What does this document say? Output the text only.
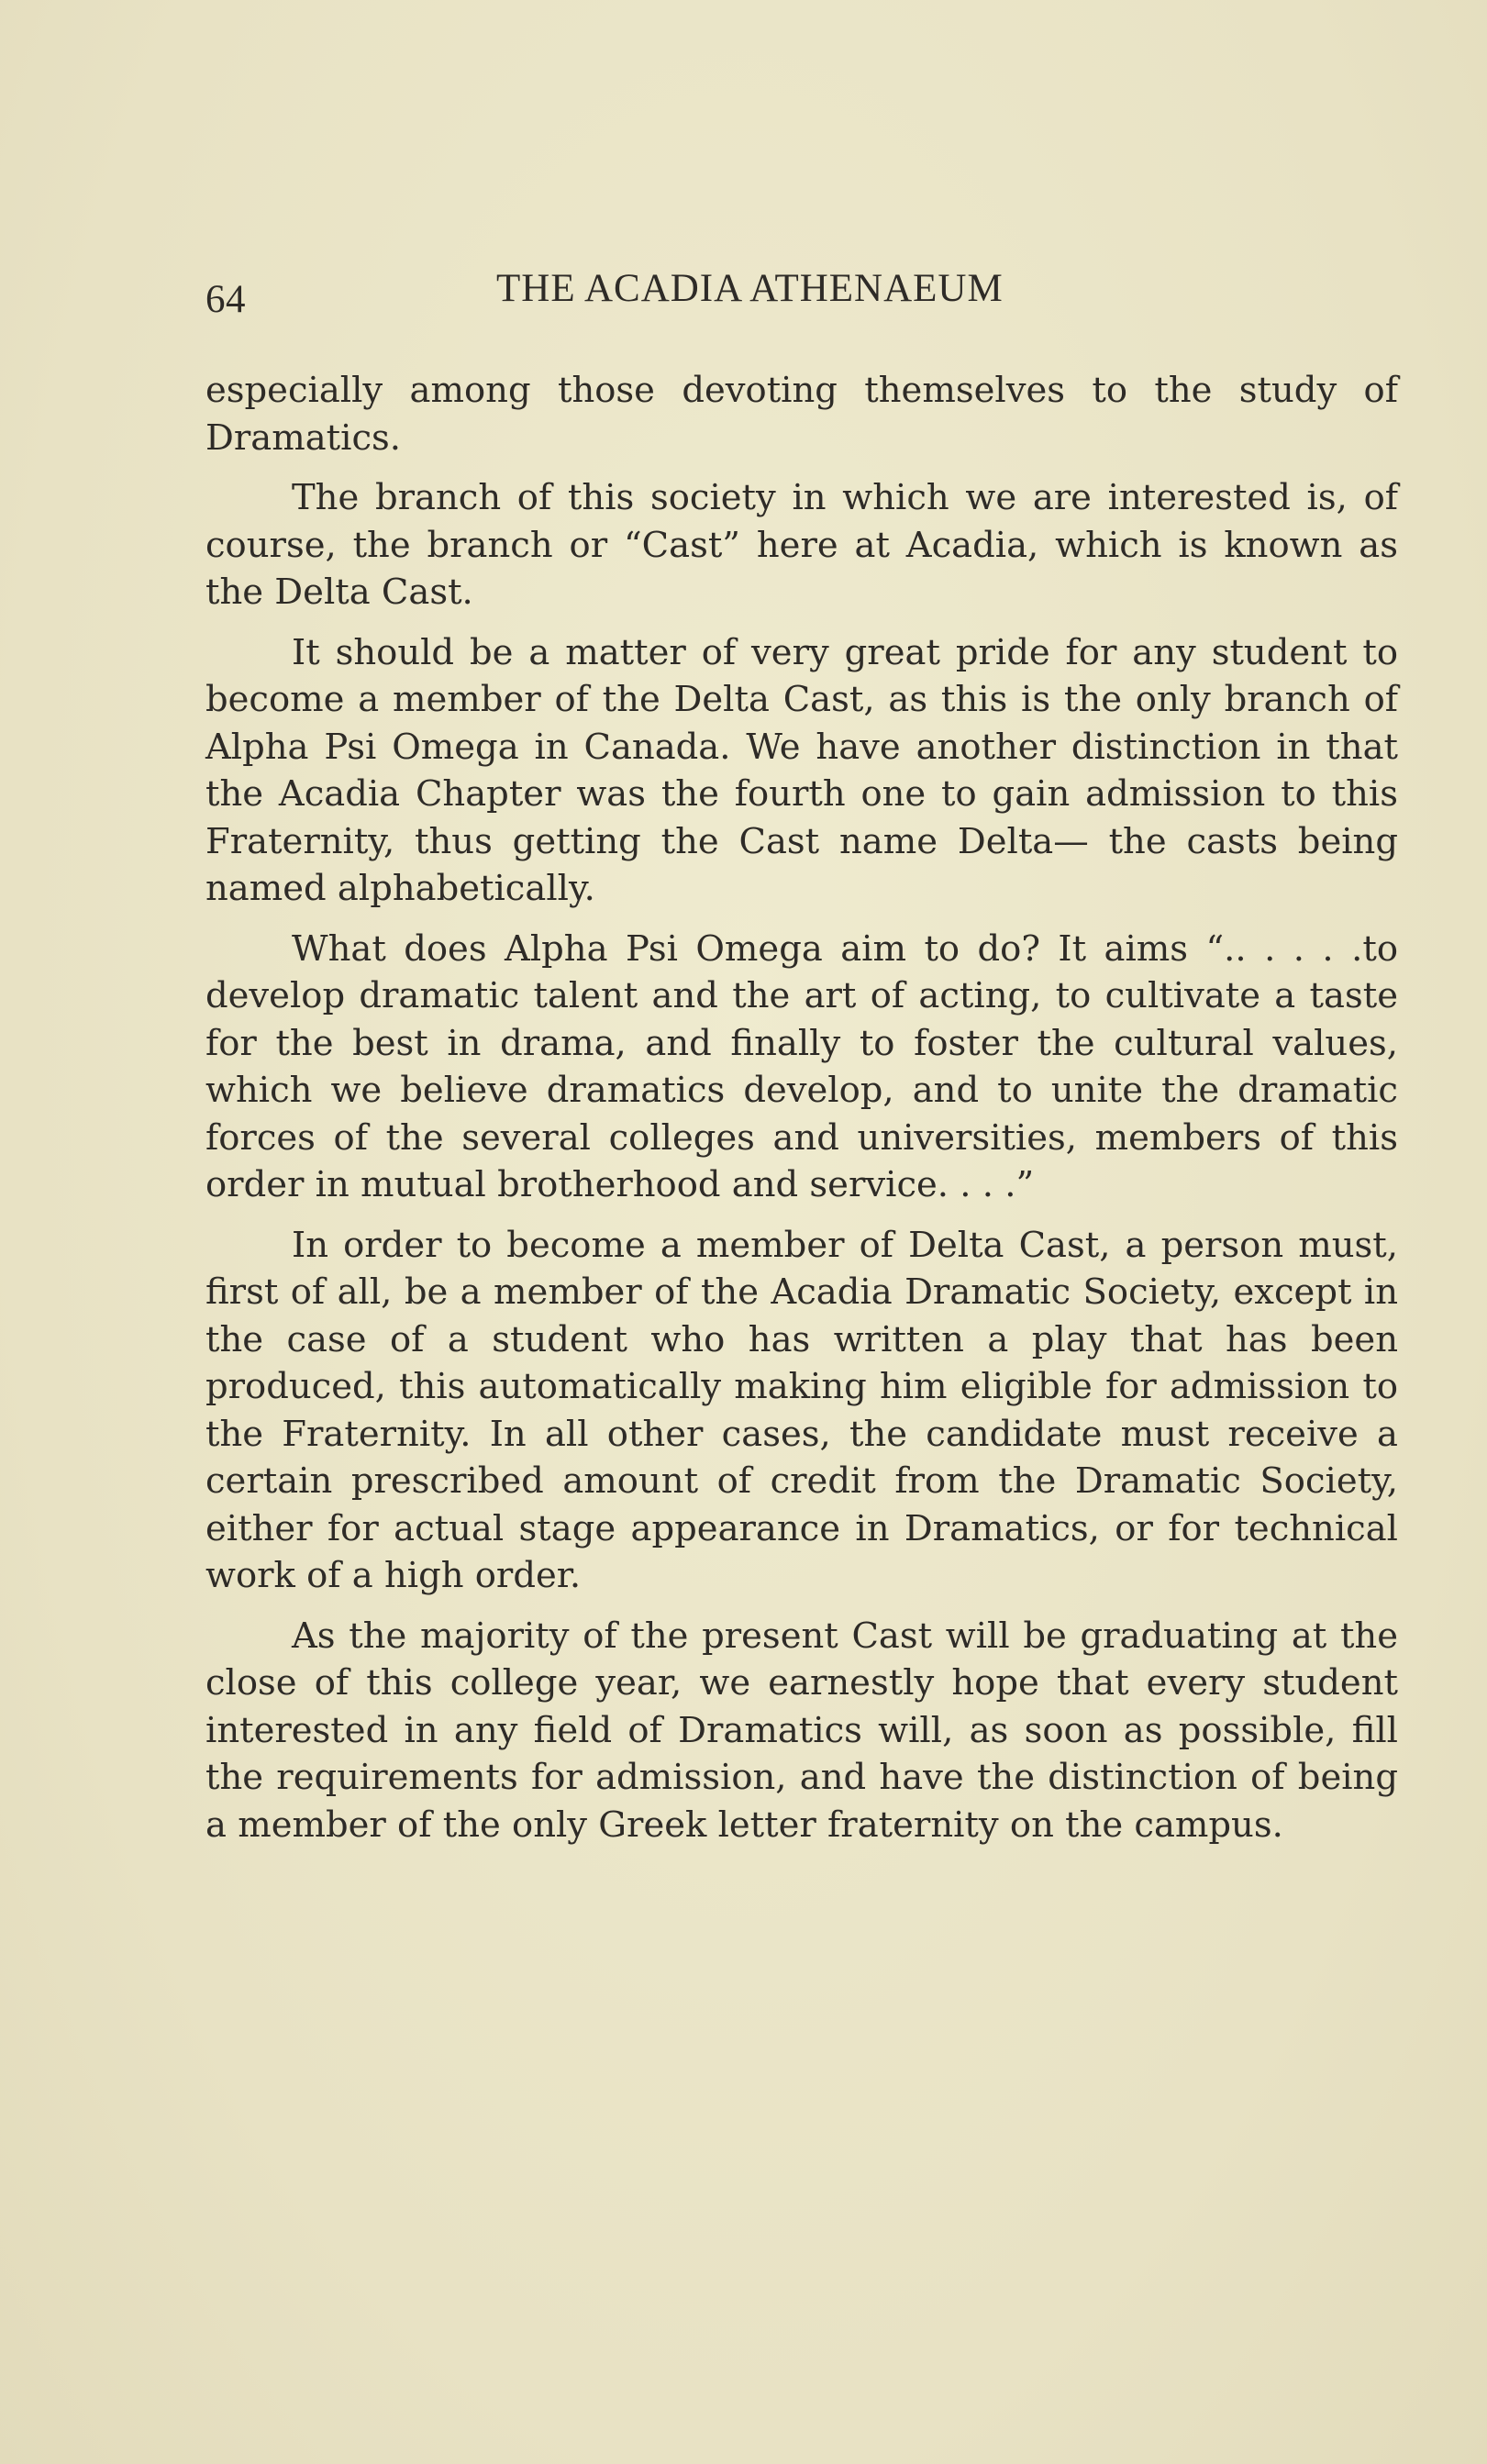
64	THE ACADIA ATHENAEUM

especially among those devoting themselves to the study of Dramatics.

The branch of this society in which we are interested is, of course, the branch or “Cast” here at Acadia, which is known as the Delta Cast.

It should be a matter of very great pride for any student to become a member of the Delta Cast, as this is the only branch of Alpha Psi Omega in Canada. We have another distinction in that the Acadia Chapter was the fourth one to gain admission to this Fraternity, thus getting the Cast name Delta— the casts being named alphabetically.

What does Alpha Psi Omega aim to do? It aims “.. . . . .to develop dramatic talent and the art of acting, to cultivate a taste for the best in drama, and finally to foster the cultural values, which we believe dramatics develop, and to unite the dramatic forces of the several colleges and universities, members of this order in mutual brotherhood and service. . . .”

In order to become a member of Delta Cast, a person must, first of all, be a member of the Acadia Dramatic Society, except in the case of a student who has written a play that has been produced, this automatically making him eligible for admission to the Fraternity. In all other cases, the candidate must receive a certain prescribed amount of credit from the Dramatic Society, either for actual stage appearance in Dramatics, or for technical work of a high order.

As the majority of the present Cast will be graduating at the close of this college year, we earnestly hope that every student interested in any field of Dramatics will, as soon as possible, fill the requirements for admission, and have the distinction of being a member of the only Greek letter fraternity on the campus.
